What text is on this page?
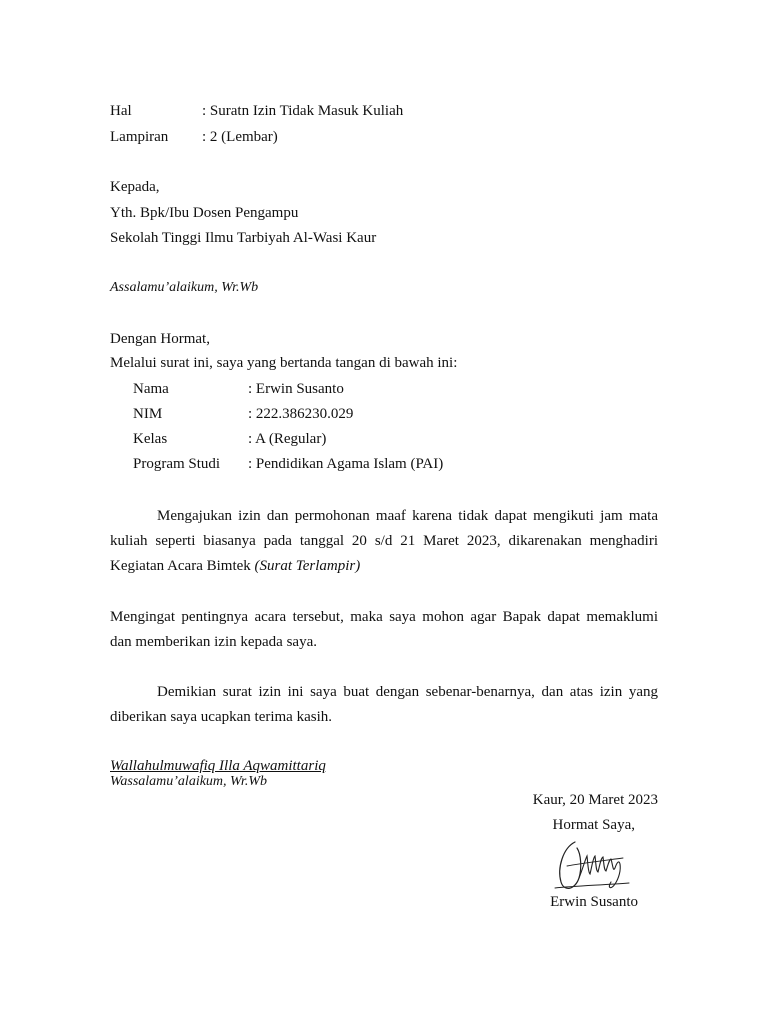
Hal	: Suratn Izin Tidak Masuk Kuliah
Lampiran : 2 (Lembar)
Kepada,
Yth. Bpk/Ibu Dosen Pengampu
Sekolah Tinggi Ilmu Tarbiyah Al-Wasi Kaur
Assalamu’alaikum, Wr.Wb
Dengan Hormat,
Melalui surat ini, saya yang bertanda tangan di bawah ini:
Nama	: Erwin Susanto
NIM	: 222.386230.029
Kelas	: A (Regular)
Program Studi : Pendidikan Agama Islam (PAI)
Mengajukan izin dan permohonan maaf karena tidak dapat mengikuti jam mata
kuliah seperti biasanya pada tanggal 20 s/d 21 Maret 2023, dikarenakan menghadiri
Kegiatan Acara Bimtek (Surat Terlampir)
Mengingat pentingnya acara tersebut, maka saya mohon agar Bapak dapat memaklumi
dan memberikan izin kepada saya.
Demikian surat izin ini saya buat dengan sebenar-benarnya, dan atas izin yang
diberikan saya ucapkan terima kasih.
Wallahulmuwafiq Illa Aqwamittariq
Wassalamu’alaikum, Wr.Wb
Kaur, 20 Maret 2023
Hormat Saya,
Erwin Susanto
